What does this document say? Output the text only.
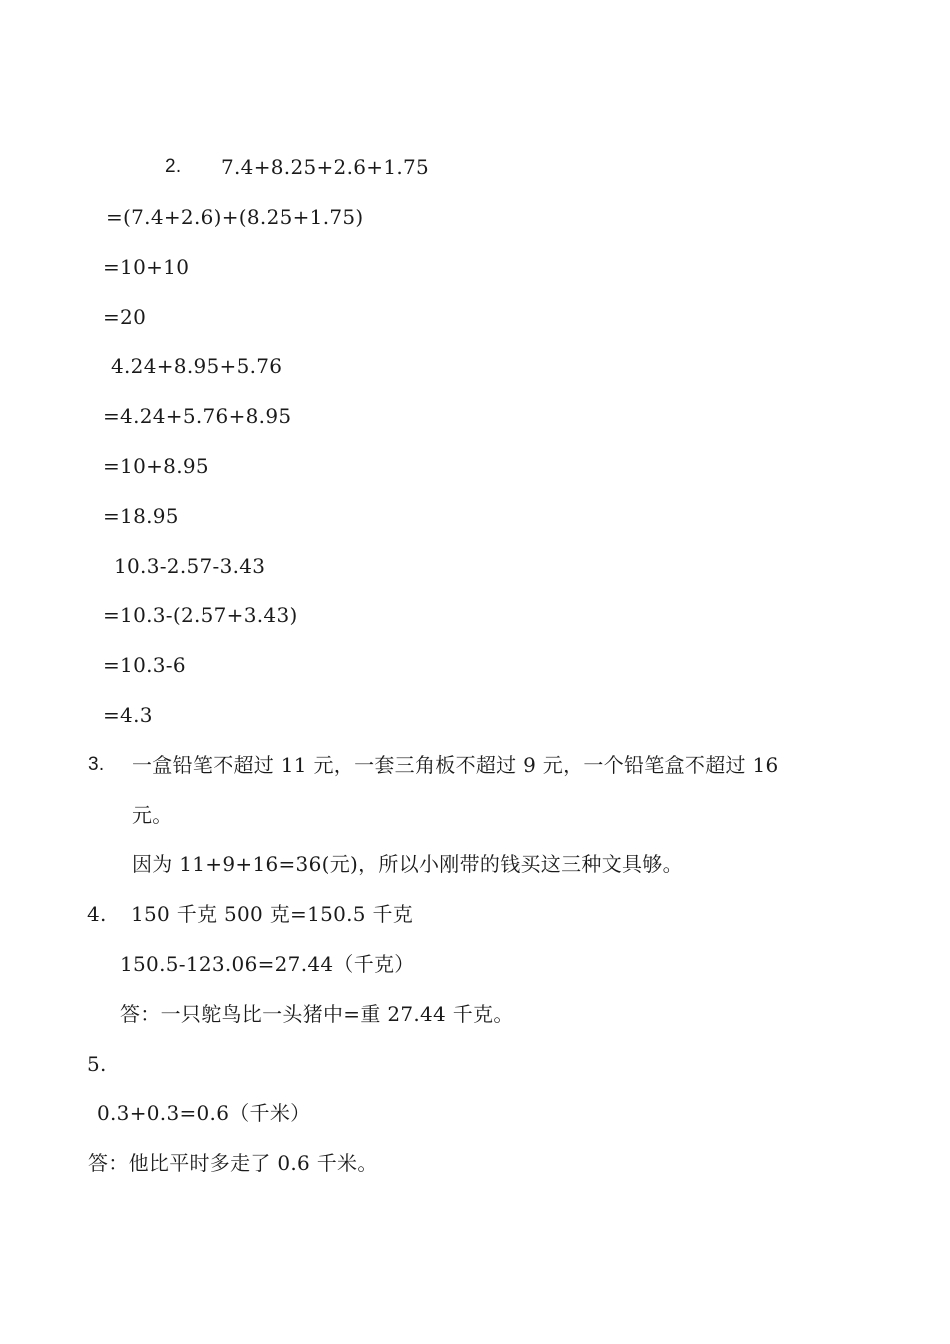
2. 7.4+8.25+2.6+1.75
=(7.4+2.6)+(8.25+1.75)
=10+10
=20
4.24+8.95+5.76
=4.24+5.76+8.95
=10+8.95
=18.95
10.3-2.57-3.43
=10.3-(2.57+3.43)
=10.3-6
=4.3
3. 一盒铅笔不超过 11 元，一套三角板不超过 9 元，一个铅笔盒不超过 16
元。
因为 11+9+16=36(元)，所以小刚带的钱买这三种文具够。
4. 150 千克 500 克=150.5 千克
150.5-123.06=27.44（千克）
答：一只鸵鸟比一头猪中=重 27.44 千克。
5.
0.3+0.3=0.6（千米）
答：他比平时多走了 0.6 千米。
